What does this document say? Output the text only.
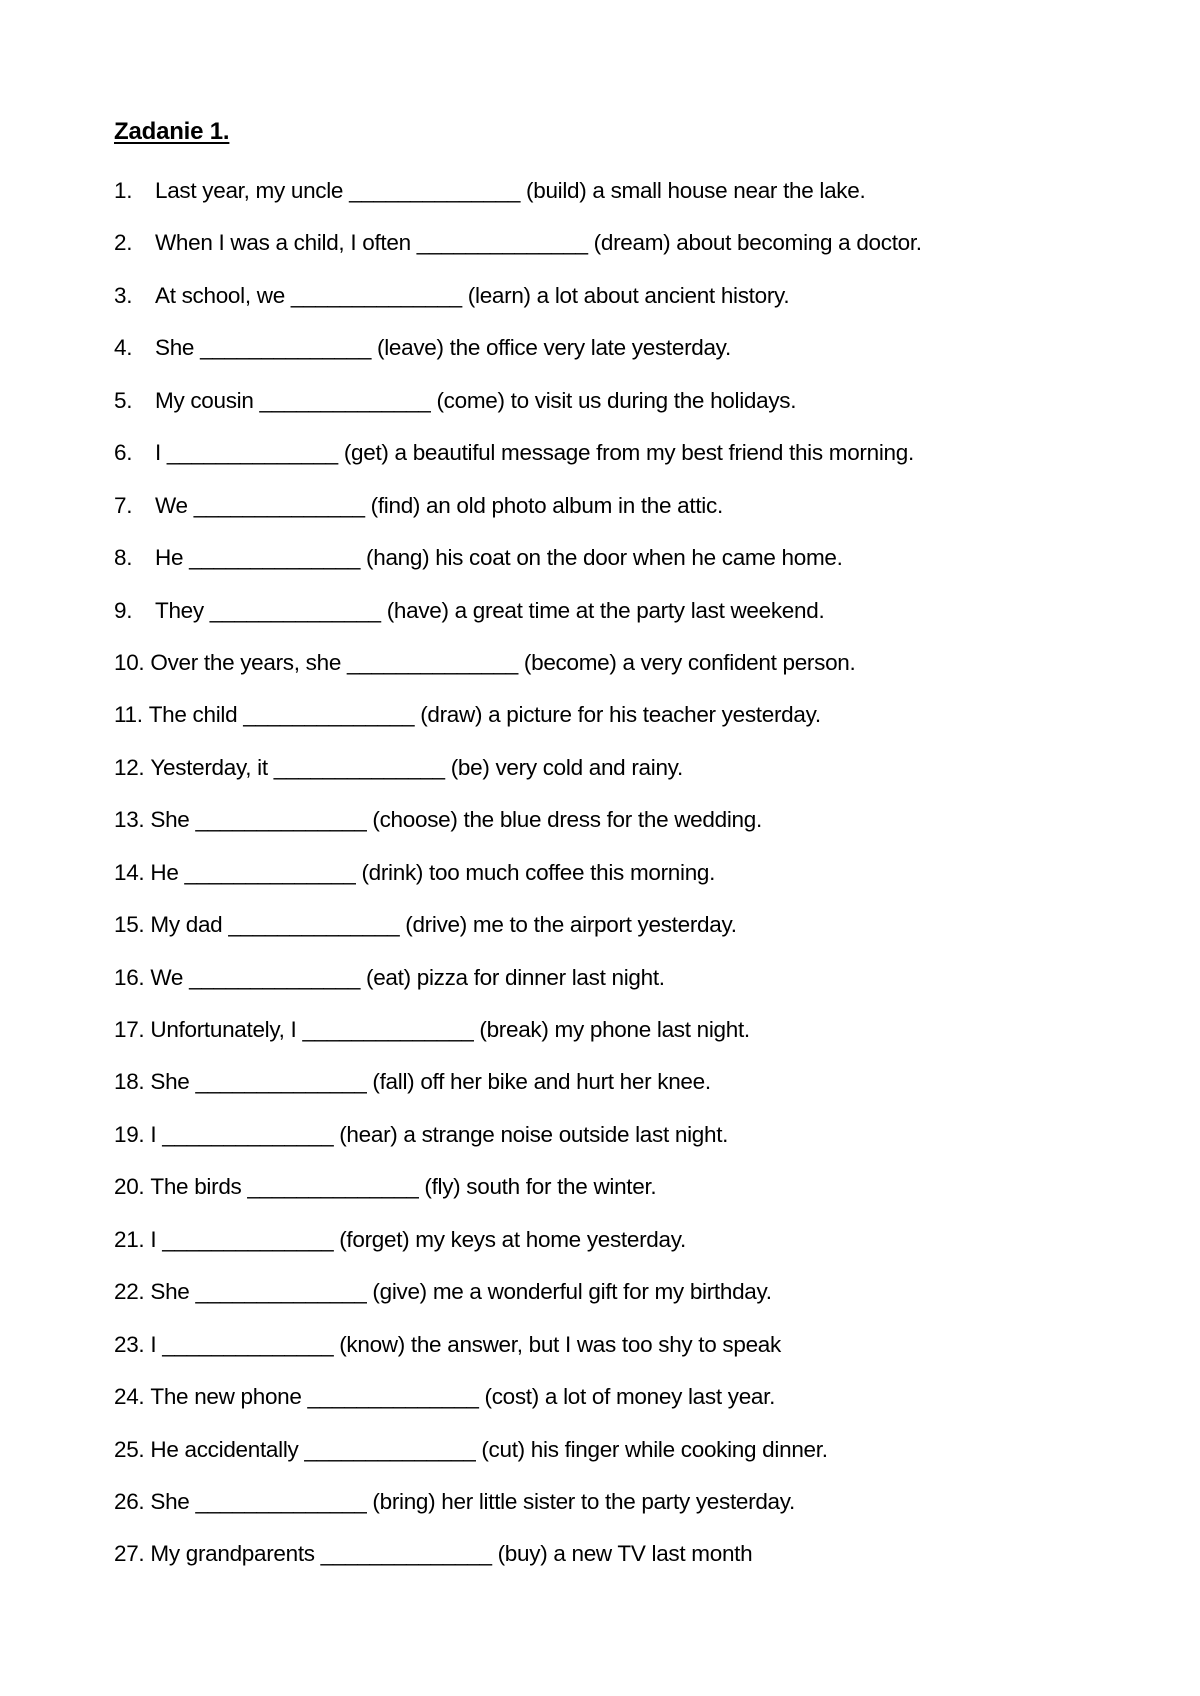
Zadanie 1.
1. Last year, my uncle ______________ (build) a small house near the lake.
2. When I was a child, I often ______________ (dream) about becoming a doctor.
3. At school, we ______________ (learn) a lot about ancient history.
4. She ______________ (leave) the office very late yesterday.
5. My cousin ______________ (come) to visit us during the holidays.
6. I ______________ (get) a beautiful message from my best friend this morning.
7. We ______________ (find) an old photo album in the attic.
8. He ______________ (hang) his coat on the door when he came home.
9. They ______________ (have) a great time at the party last weekend.
10. Over the years, she ______________ (become) a very confident person.
11. The child ______________ (draw) a picture for his teacher yesterday.
12. Yesterday, it ______________ (be) very cold and rainy.
13. She ______________ (choose) the blue dress for the wedding.
14. He ______________ (drink) too much coffee this morning.
15. My dad ______________ (drive) me to the airport yesterday.
16. We ______________ (eat) pizza for dinner last night.
17. Unfortunately, I ______________ (break) my phone last night.
18. She ______________ (fall) off her bike and hurt her knee.
19. I ______________ (hear) a strange noise outside last night.
20. The birds ______________ (fly) south for the winter.
21. I ______________ (forget) my keys at home yesterday.
22. She ______________ (give) me a wonderful gift for my birthday.
23. I ______________ (know) the answer, but I was too shy to speak
24. The new phone ______________ (cost) a lot of money last year.
25. He accidentally ______________ (cut) his finger while cooking dinner.
26. She ______________ (bring) her little sister to the party yesterday.
27. My grandparents ______________ (buy) a new TV last month
